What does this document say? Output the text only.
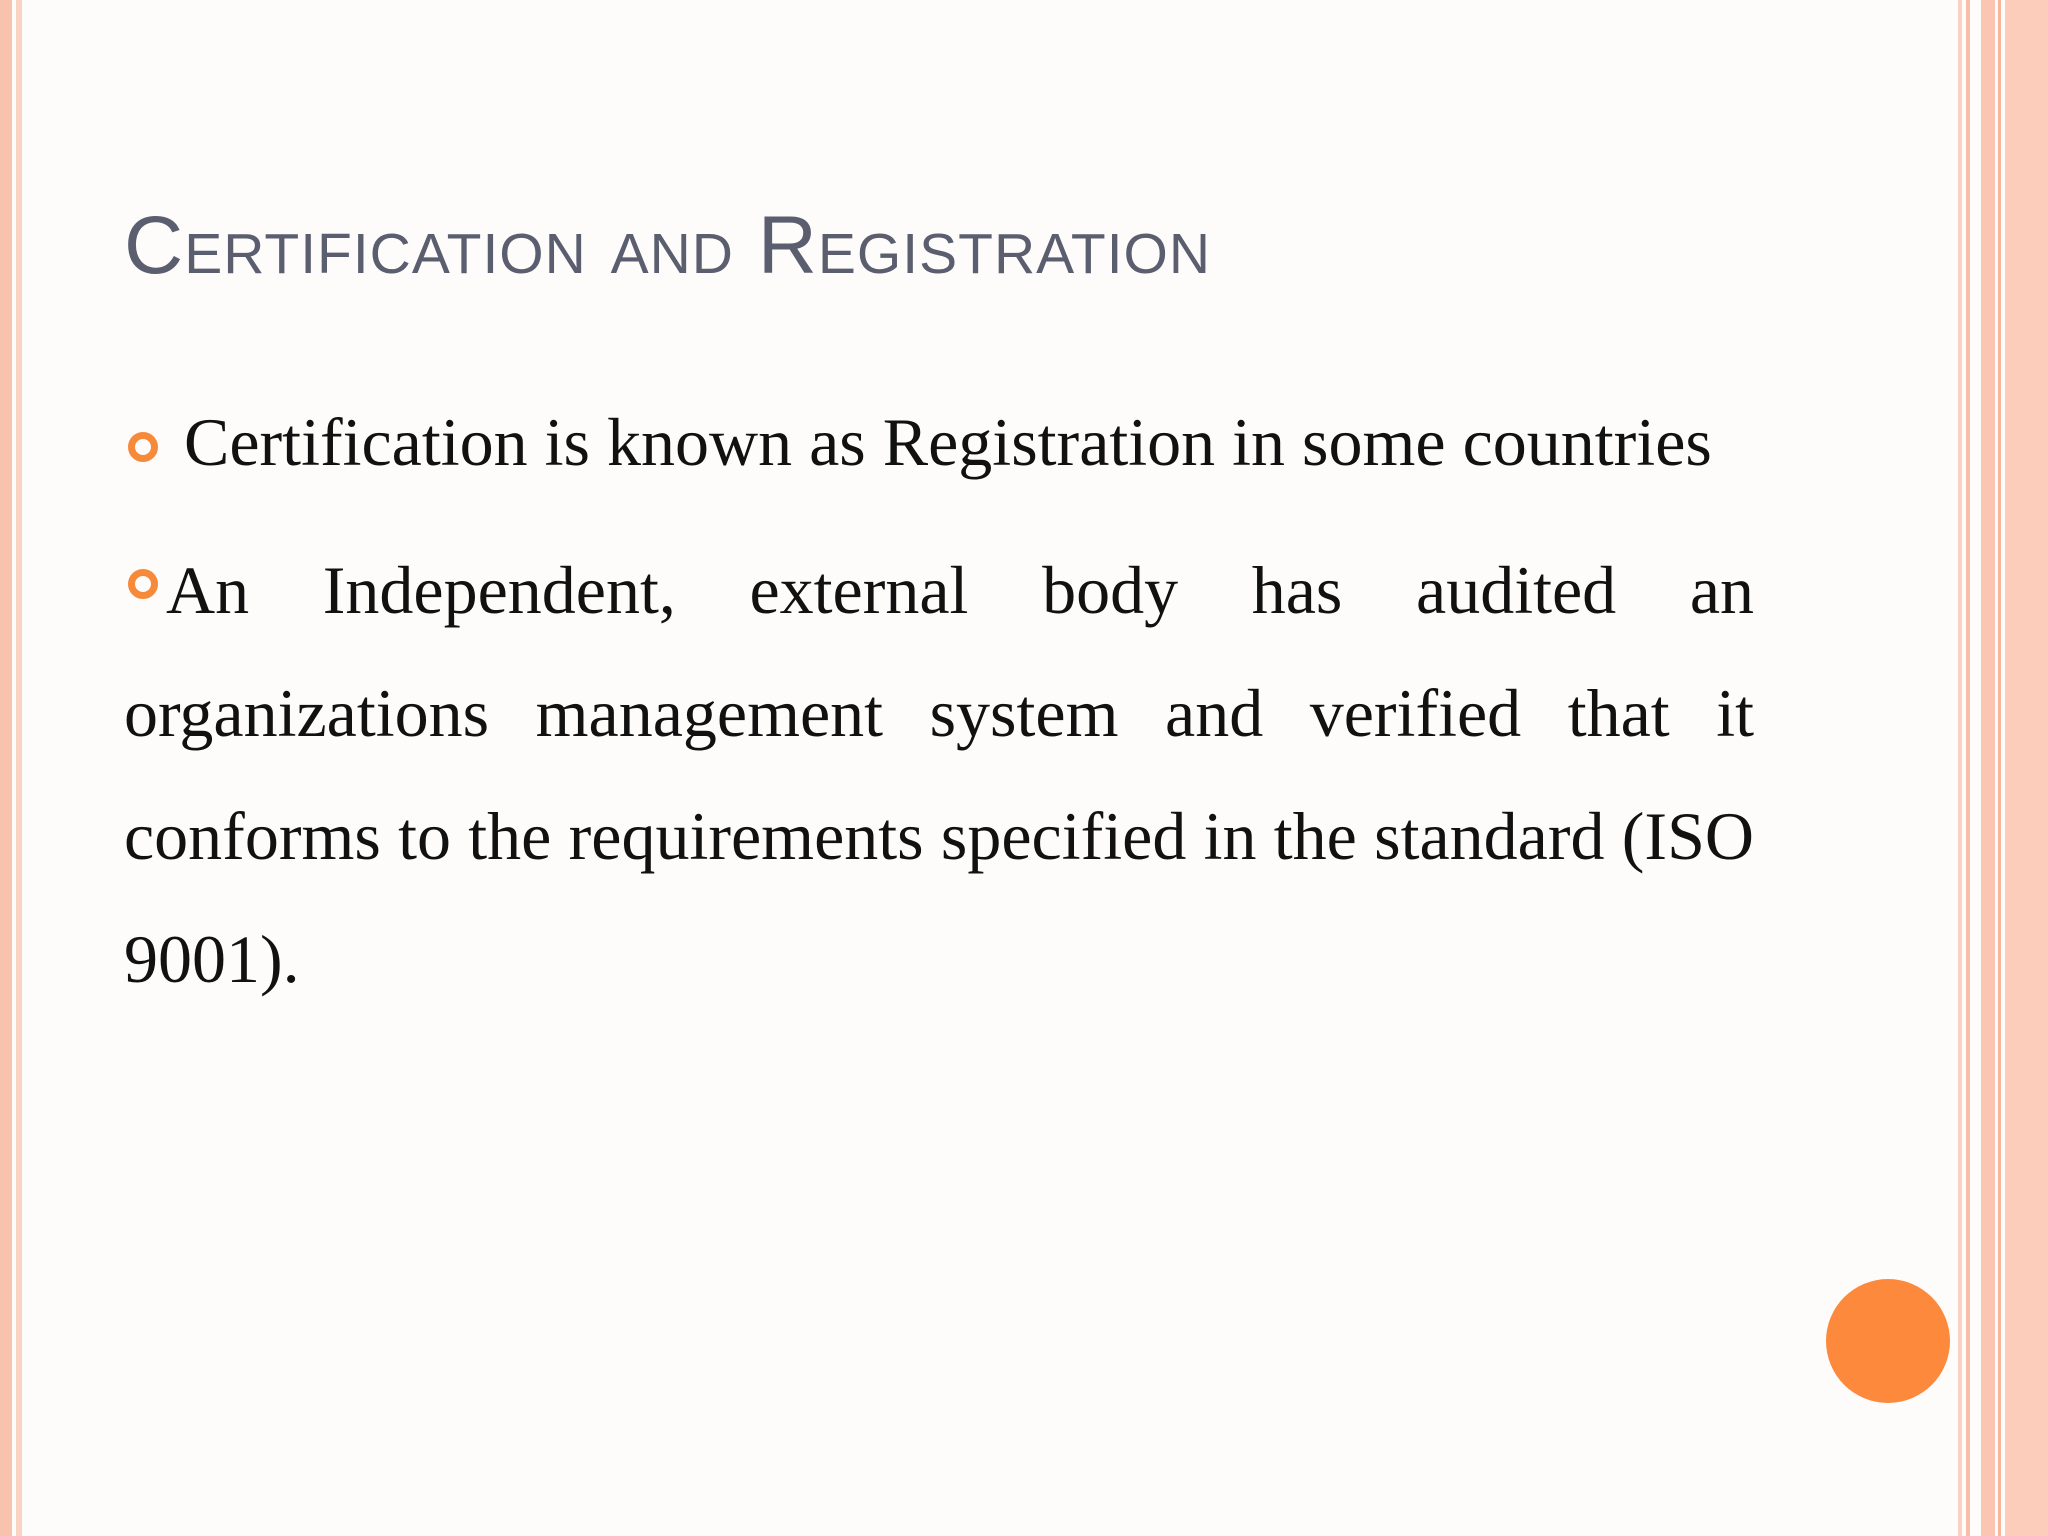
Certification and Registration

Certification is known as Registration in some countries

An Independent, external body has audited an organizations management system and verified that it conforms to the requirements specified in the standard (ISO 9001).
